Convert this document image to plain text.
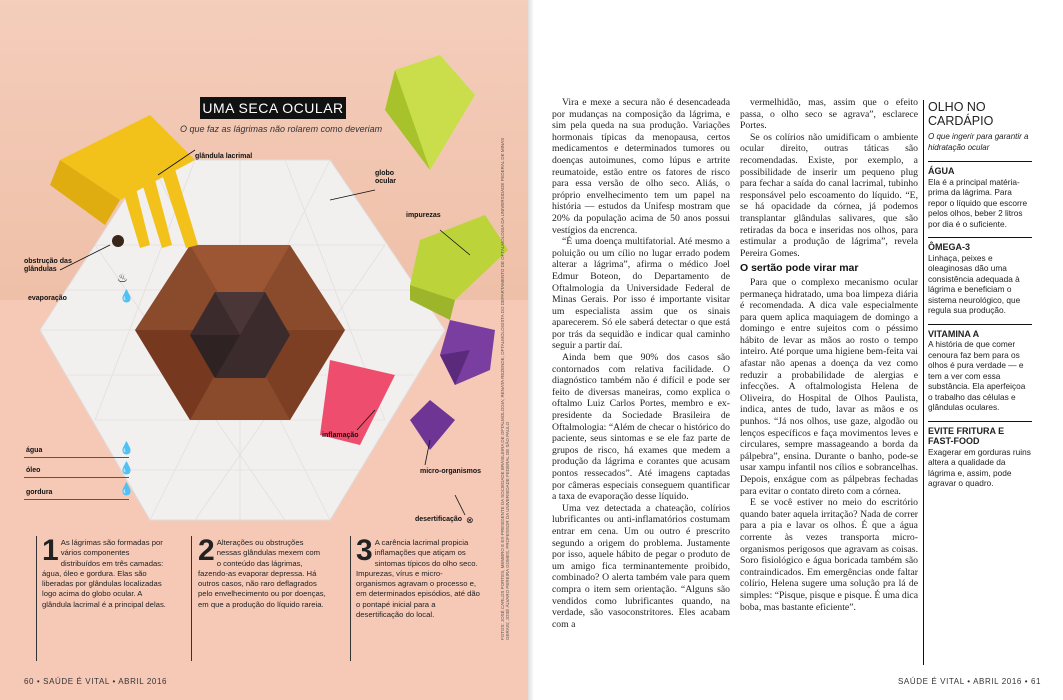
UMA SECA OCULAR
O que faz as lágrimas não rolarem como deveriam
glândula lacrimal
globo ocular
impurezas
obstrução das glândulas
evaporação
inflamação
micro-organismos
desertificação
♨
💧
água	💧
óleo	💧
gordura	💧
⊗	FOTOS: JOSÉ CARLOS PORTES, MEMBRO E EX-PRESIDENTE DA SOCIEDADE BRASILEIRA DE OFTALMOLOGIA; RENATA REZENDE, OFTALMOLOGISTA DO DEPARTAMENTO DE OFTALMOLOGIA DA UNIVERSIDADE FEDERAL DE MINAS GERAIS; JOSÉ ÁLVARO PEREIRA GOMES, PROFESSOR DA UNIVERSIDADE FEDERAL DE SÃO PAULO
1 As lágrimas são formadas por vários componentes distribuídos em três camadas: água, óleo e gordura. Elas são liberadas por glândulas localizadas logo acima do globo ocular. A glândula lacrimal é a principal delas.
2 Alterações ou obstruções nessas glândulas mexem com o conteúdo das lágrimas, fazendo-as evaporar depressa. Há outros casos, não raro deflagrados pelo envelhecimento ou por doenças, em que a produção do líquido rareia.
3 A carência lacrimal propicia inflamações que atiçam os sintomas típicos do olho seco. Impurezas, vírus e micro-organismos agravam o processo e, em determinados episódios, até dão o pontapé inicial para a desertificação do local.
60 • SAÚDE É VITAL • ABRIL 2016

Vira e mexe a secura não é desencadeada por mudanças na composição da lágrima, e sim pela queda na sua produção. Variações hormonais típicas da menopausa, certos medicamentos e determinados tumores ou doenças autoimunes, como lúpus e artrite reumatoide, estão entre os fatores de risco para essa versão de olho seco. Aliás, o próprio envelhecimento tem um papel na história — estudos da Unifesp mostram que 20% da população acima de 50 anos possui vestígios da encrenca.

“É uma doença multifatorial. Até mesmo a poluição ou um cílio no lugar errado podem alterar a lágrima”, afirma o médico Joel Edmur Boteon, do Departamento de Oftalmologia da Universidade Federal de Minas Gerais. Por isso é importante visitar um especialista assim que os sinais aparecerem. Só ele saberá detectar o que está por trás da sequidão e indicar qual caminho seguir a partir daí.

Ainda bem que 90% dos casos são contornados com relativa facilidade. O diagnóstico também não é difícil e pode ser feito de diversas maneiras, como explica o oftalmo Luiz Carlos Portes, membro e ex-presidente da Sociedade Brasileira de Oftalmologia: “Além de checar o histórico do paciente, seus sintomas e se ele faz parte de grupos de risco, há exames que medem a produção da lágrima e corantes que acusam pontos ressecados”. Até imagens captadas por câmeras especiais conseguem quantificar a taxa de evaporação desse líquido.

Uma vez detectada a chateação, colírios lubrificantes ou anti-inflamatórios costumam entrar em cena. Um ou outro é prescrito segundo a origem do problema. Justamente por isso, aquele hábito de pegar o produto de um amigo fica terminantemente proibido, combinado? O alerta também vale para quem compra o item sem orientação. “Alguns são vendidos como lubrificantes quando, na verdade, são vasoconstritores. Eles acabam com a

vermelhidão, mas, assim que o efeito passa, o olho seco se agrava”, esclarece Portes.

Se os colírios não umidificam o ambiente ocular direito, outras táticas são recomendadas. Existe, por exemplo, a possibilidade de inserir um pequeno plug para fechar a saída do canal lacrimal, tubinho responsável pelo escoamento do líquido. “E, se há opacidade da córnea, já podemos transplantar glândulas salivares, que são retiradas da boca e inseridas nos olhos, para estimular a produção de lágrima”, revela Pereira Gomes.

O sertão pode virar mar

Para que o complexo mecanismo ocular permaneça hidratado, uma boa limpeza diária é recomendada. A dica vale especialmente para quem aplica maquiagem de domingo a domingo e entre sujeitos com o péssimo hábito de levar as mãos ao rosto o tempo inteiro. Até porque uma higiene bem-feita vai afastar não apenas a doença da vez como reduzir a probabilidade de alergias e infecções. A oftalmologista Helena de Oliveira, do Hospital de Olhos Paulista, indica, antes de tudo, lavar as mãos e os punhos. “Já nos olhos, use gaze, algodão ou lenços específicos e faça movimentos leves e circulares, sempre massageando a borda da pálpebra”, ensina. Durante o banho, pode-se usar xampu infantil nos cílios e sobrancelhas. Depois, enxágue com as pálpebras fechadas para evitar o contato direto com a córnea.

E se você estiver no meio do escritório quando bater aquela irritação? Nada de correr para a pia e lavar os olhos. É que a água corrente às vezes transporta micro-organismos perigosos que agravam as coisas. Soro fisiológico e água boricada também são contraindicados. Em emergências onde faltar colírio, Helena sugere uma solução pra lá de simples: “Pisque, pisque e pisque. É uma dica boba, mas bastante eficiente”.

OLHO NO CARDÁPIO
O que ingerir para garantir a hidratação ocular
ÁGUA
Ela é a principal matéria-prima da lágrima. Para repor o líquido que escorre pelos olhos, beber 2 litros por dia é o suficiente.
ÔMEGA-3
Linhaça, peixes e oleaginosas dão uma consistência adequada à lágrima e beneficiam o sistema neurológico, que regula sua produção.
VITAMINA A
A história de que comer cenoura faz bem para os olhos é pura verdade — e tem a ver com essa substância. Ela aperfeiçoa o trabalho das células e glândulas oculares.
EVITE FRITURA E FAST-FOOD
Exagerar em gorduras ruins altera a qualidade da lágrima e, assim, pode agravar o quadro.
SAÚDE É VITAL • ABRIL 2016 • 61
